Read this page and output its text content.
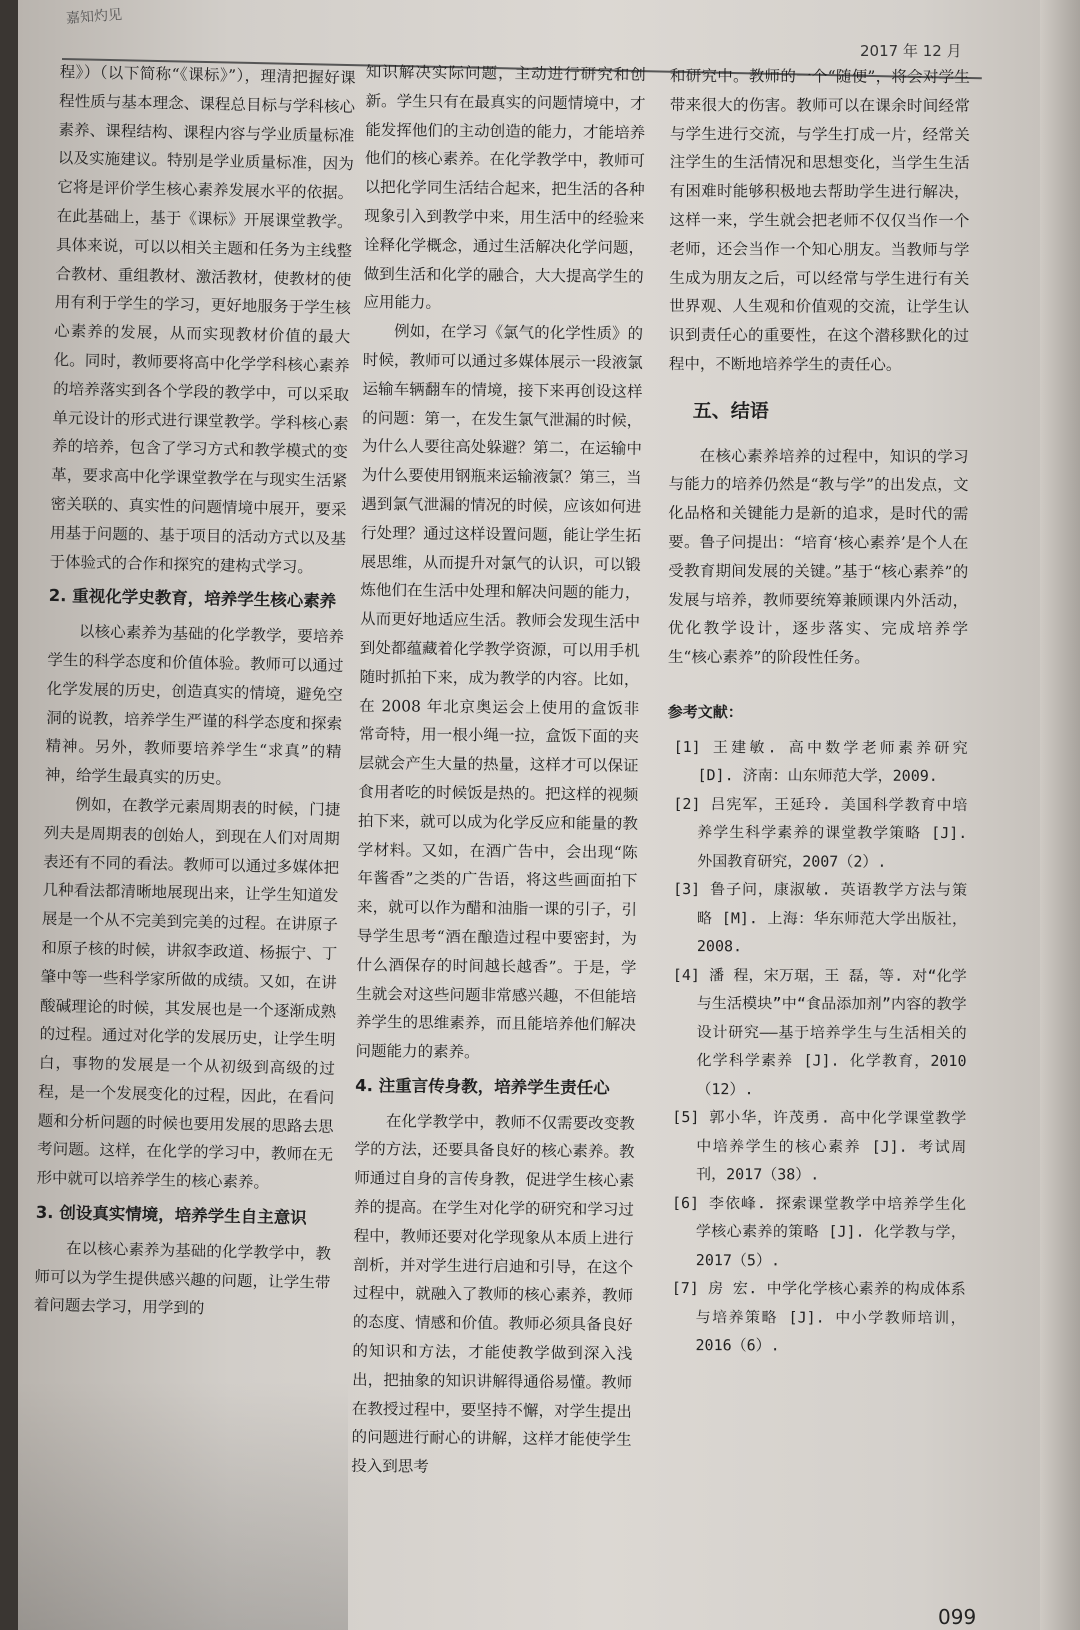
嘉知灼见
2017 年 12 月

程》）（以下简称“《课标》”），理清把握好课程性质与基本理念、课程总目标与学科核心素养、课程结构、课程内容与学业质量标准以及实施建议。特别是学业质量标准，因为它将是评价学生核心素养发展水平的依据。在此基础上，基于《课标》开展课堂教学。具体来说，可以以相关主题和任务为主线整合教材、重组教材、激活教材，使教材的使用有利于学生的学习，更好地服务于学生核心素养的发展，从而实现教材价值的最大化。同时，教师要将高中化学学科核心素养的培养落实到各个学段的教学中，可以采取单元设计的形式进行课堂教学。学科核心素养的培养，包含了学习方式和教学模式的变革，要求高中化学课堂教学在与现实生活紧密关联的、真实性的问题情境中展开，要采用基于问题的、基于项目的活动方式以及基于体验式的合作和探究的建构式学习。

2. 重视化学史教育，培养学生核心素养

以核心素养为基础的化学教学，要培养学生的科学态度和价值体验。教师可以通过化学发展的历史，创造真实的情境，避免空洞的说教，培养学生严谨的科学态度和探索精神。另外，教师要培养学生“求真”的精神，给学生最真实的历史。

例如，在教学元素周期表的时候，门捷列夫是周期表的创始人，到现在人们对周期表还有不同的看法。教师可以通过多媒体把几种看法都清晰地展现出来，让学生知道发展是一个从不完美到完美的过程。在讲原子和原子核的时候，讲叙李政道、杨振宁、丁肇中等一些科学家所做的成绩。又如，在讲酸碱理论的时候，其发展也是一个逐渐成熟的过程。通过对化学的发展历史，让学生明白，事物的发展是一个从初级到高级的过程，是一个发展变化的过程，因此，在看问题和分析问题的时候也要用发展的思路去思考问题。这样，在化学的学习中，教师在无形中就可以培养学生的核心素养。

3. 创设真实情境，培养学生自主意识

在以核心素养为基础的化学教学中，教师可以为学生提供感兴趣的问题，让学生带着问题去学习，用学到的

知识解决实际问题，主动进行研究和创新。学生只有在最真实的问题情境中，才能发挥他们的主动创造的能力，才能培养他们的核心素养。在化学教学中，教师可以把化学同生活结合起来，把生活的各种现象引入到教学中来，用生活中的经验来诠释化学概念，通过生活解决化学问题，做到生活和化学的融合，大大提高学生的应用能力。

例如，在学习《氯气的化学性质》的时候，教师可以通过多媒体展示一段液氯运输车辆翻车的情境，接下来再创设这样的问题：第一，在发生氯气泄漏的时候，为什么人要往高处躲避？第二，在运输中为什么要使用钢瓶来运输液氯？第三，当遇到氯气泄漏的情况的时候，应该如何进行处理？通过这样设置问题，能让学生拓展思维，从而提升对氯气的认识，可以锻炼他们在生活中处理和解决问题的能力，从而更好地适应生活。教师会发现生活中到处都蕴藏着化学教学资源，可以用手机随时抓拍下来，成为教学的内容。比如，在 2008 年北京奥运会上使用的盒饭非常奇特，用一根小绳一拉，盒饭下面的夹层就会产生大量的热量，这样才可以保证食用者吃的时候饭是热的。把这样的视频拍下来，就可以成为化学反应和能量的教学材料。又如，在酒广告中，会出现“陈年酱香”之类的广告语，将这些画面拍下来，就可以作为醋和油脂一课的引子，引导学生思考“酒在酿造过程中要密封，为什么酒保存的时间越长越香”。于是，学生就会对这些问题非常感兴趣，不但能培养学生的思维素养，而且能培养他们解决问题能力的素养。

4. 注重言传身教，培养学生责任心

在化学教学中，教师不仅需要改变教学的方法，还要具备良好的核心素养。教师通过自身的言传身教，促进学生核心素养的提高。在学生对化学的研究和学习过程中，教师还要对化学现象从本质上进行剖析，并对学生进行启迪和引导，在这个过程中，就融入了教师的核心素养，教师的态度、情感和价值。教师必须具备良好的知识和方法，才能使教学做到深入浅出，把抽象的知识讲解得通俗易懂。教师在教授过程中，要坚持不懈，对学生提出的问题进行耐心的讲解，这样才能使学生投入到思考

和研究中。教师的一个“随便”，将会对学生带来很大的伤害。教师可以在课余时间经常与学生进行交流，与学生打成一片，经常关注学生的生活情况和思想变化，当学生生活有困难时能够积极地去帮助学生进行解决，这样一来，学生就会把老师不仅仅当作一个老师，还会当作一个知心朋友。当教师与学生成为朋友之后，可以经常与学生进行有关世界观、人生观和价值观的交流，让学生认识到责任心的重要性，在这个潜移默化的过程中，不断地培养学生的责任心。

五、结语

在核心素养培养的过程中，知识的学习与能力的培养仍然是“教与学”的出发点，文化品格和关键能力是新的追求，是时代的需要。鲁子问提出：“培育‘核心素养’是个人在受教育期间发展的关键。”基于“核心素养”的发展与培养，教师要统筹兼顾课内外活动，优化教学设计，逐步落实、完成培养学生“核心素养”的阶段性任务。

参考文献：
[1] 王建敏. 高中数学老师素养研究 [D]. 济南：山东师范大学，2009.
[2] 吕宪军，王延玲. 美国科学教育中培养学生科学素养的课堂教学策略 [J]. 外国教育研究，2007（2）.
[3] 鲁子问，康淑敏. 英语教学方法与策略 [M]. 上海：华东师范大学出版社，2008.
[4] 潘 程，宋万琚，王 磊，等. 对“化学与生活模块”中“食品添加剂”内容的教学设计研究——基于培养学生与生活相关的化学科学素养 [J]. 化学教育，2010（12）.
[5] 郭小华，许茂勇. 高中化学课堂教学中培养学生的核心素养 [J]. 考试周刊，2017（38）.
[6] 李依峰. 探索课堂教学中培养学生化学核心素养的策略 [J]. 化学教与学，2017（5）.
[7] 房 宏. 中学化学核心素养的构成体系与培养策略 [J]. 中小学教师培训，2016（6）.
099
